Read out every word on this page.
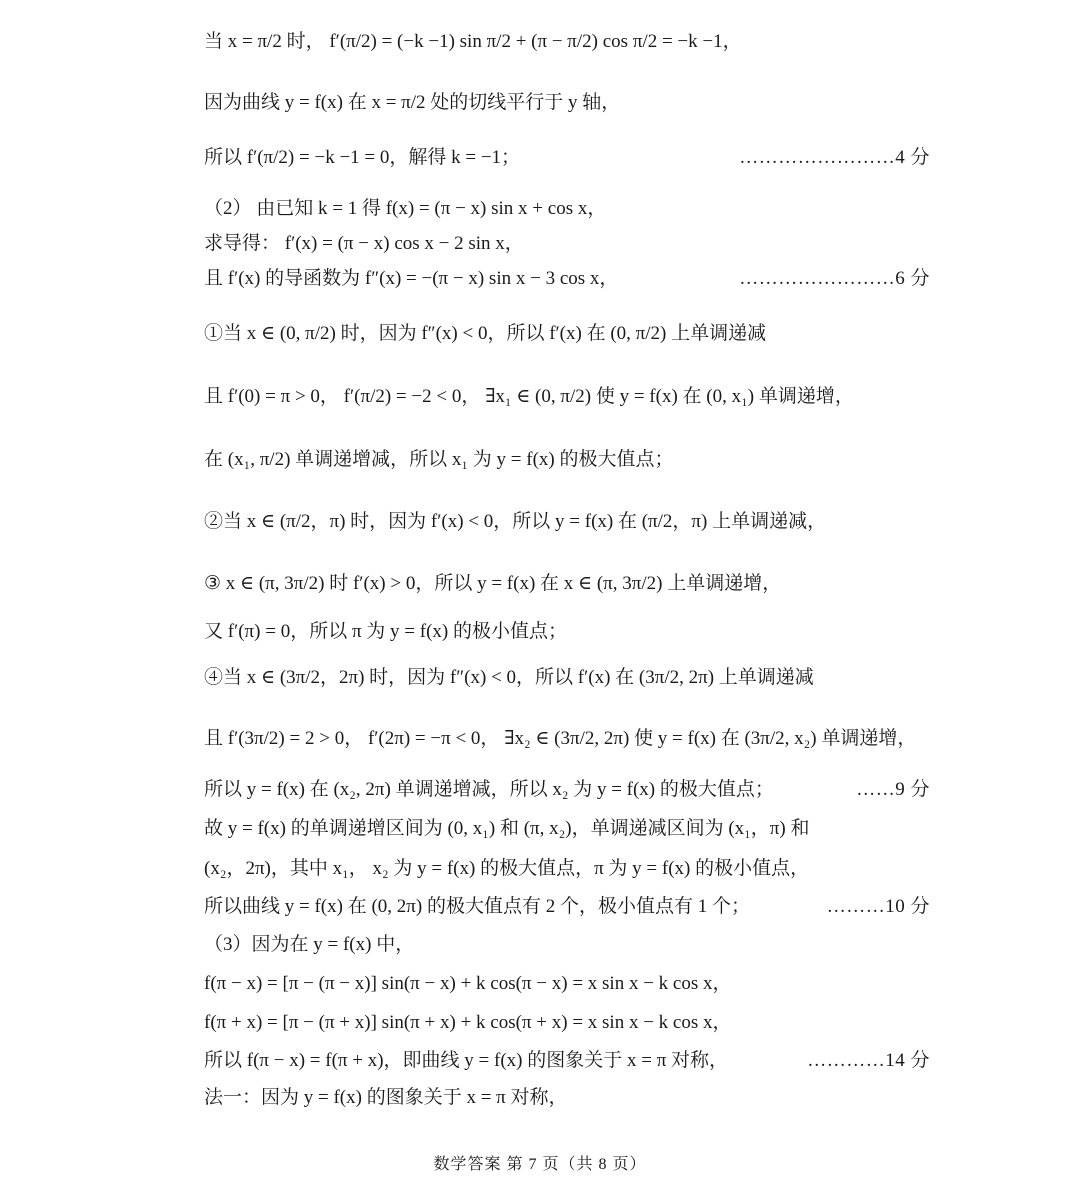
当 x = π/2 时， f′(π/2) = (−k −1) sin π/2 + (π − π/2) cos π/2 = −k −1，
因为曲线 y = f(x) 在 x = π/2 处的切线平行于 y 轴，
所以 f′(π/2) = −k −1 = 0，解得 k = −1；	……………………4 分
（2） 由已知 k = 1 得 f(x) = (π − x) sin x + cos x，
求导得： f′(x) = (π − x) cos x − 2 sin x，
且 f′(x) 的导函数为 f″(x) = −(π − x) sin x − 3 cos x，	……………………6 分
①当 x ∈ (0, π/2) 时，因为 f″(x) < 0，所以 f′(x) 在 (0, π/2) 上单调递减
且 f′(0) = π > 0， f′(π/2) = −2 < 0， ∃x₁ ∈ (0, π/2) 使 y = f(x) 在 (0, x₁) 单调递增，
在 (x₁, π/2) 单调递增减，所以 x₁ 为 y = f(x) 的极大值点；
②当 x ∈ (π/2，π) 时，因为 f′(x) < 0，所以 y = f(x) 在 (π/2，π) 上单调递减，
③ x ∈ (π, 3π/2) 时 f′(x) > 0，所以 y = f(x) 在 x ∈ (π, 3π/2) 上单调递增，
又 f′(π) = 0，所以 π 为 y = f(x) 的极小值点；
④当 x ∈ (3π/2，2π) 时，因为 f″(x) < 0，所以 f′(x) 在 (3π/2, 2π) 上单调递减
且 f′(3π/2) = 2 > 0， f′(2π) = −π < 0， ∃x₂ ∈ (3π/2, 2π) 使 y = f(x) 在 (3π/2, x₂) 单调递增，
所以 y = f(x) 在 (x₂, 2π) 单调递增减，所以 x₂ 为 y = f(x) 的极大值点；	……9 分
故 y = f(x) 的单调递增区间为 (0, x₁) 和 (π, x₂)，单调递减区间为 (x₁，π) 和
(x₂，2π)，其中 x₁， x₂ 为 y = f(x) 的极大值点，π 为 y = f(x) 的极小值点，
所以曲线 y = f(x) 在 (0, 2π) 的极大值点有 2 个，极小值点有 1 个；	………10 分
（3）因为在 y = f(x) 中，
f(π − x) = [π − (π − x)] sin(π − x) + k cos(π − x) = x sin x − k cos x，
f(π + x) = [π − (π + x)] sin(π + x) + k cos(π + x) = x sin x − k cos x，
所以 f(π − x) = f(π + x)，即曲线 y = f(x) 的图象关于 x = π 对称，	…………14 分
法一：因为 y = f(x) 的图象关于 x = π 对称，
数学答案 第 7 页（共 8 页）
